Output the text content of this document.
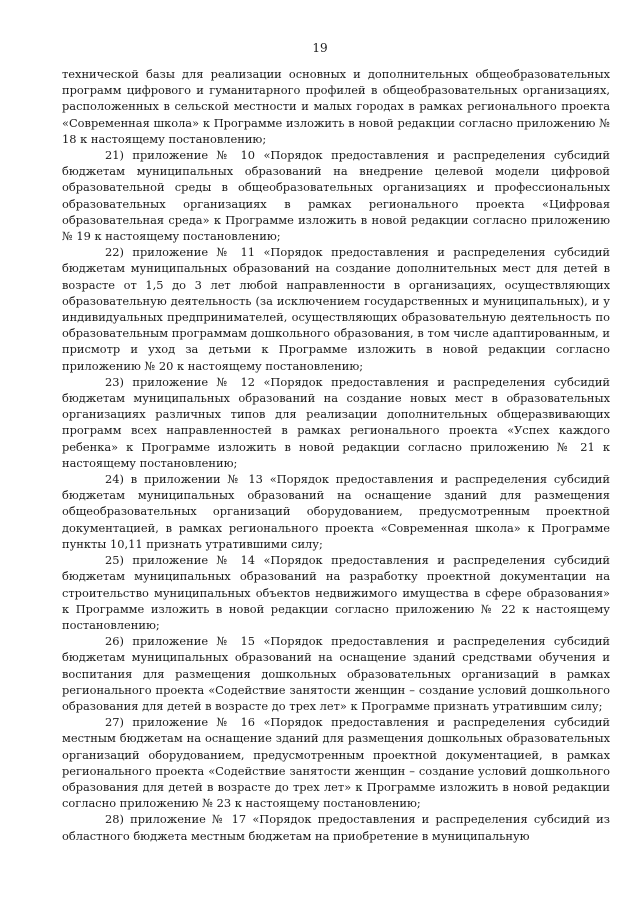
19

технической базы для реализации основных и дополнительных общеобразовательных программ цифрового и гуманитарного профилей в общеобразовательных организациях, расположенных в сельской местности и малых городах в рамках регионального проекта «Современная школа» к Программе изложить в новой редакции согласно приложению № 18 к настоящему постановлению;

21) приложение № 10 «Порядок предоставления и распределения субсидий бюджетам муниципальных образований на внедрение целевой модели цифровой образовательной среды в общеобразовательных организациях и профессиональных образовательных организациях в рамках регионального проекта «Цифровая образовательная среда» к Программе изложить в новой редакции согласно приложению № 19 к настоящему постановлению;

22) приложение № 11 «Порядок предоставления и распределения субсидий бюджетам муниципальных образований на создание дополнительных мест для детей в возрасте от 1,5 до 3 лет любой направленности в организациях, осуществляющих образовательную деятельность (за исключением государственных и муниципальных), и у индивидуальных предпринимателей, осуществляющих образовательную деятельность по образовательным программам дошкольного образования, в том числе адаптированным, и присмотр и уход за детьми к Программе изложить в новой редакции согласно приложению № 20 к настоящему постановлению;

23) приложение № 12 «Порядок предоставления и распределения субсидий бюджетам муниципальных образований на создание новых мест в образовательных организациях различных типов для реализации дополнительных общеразвивающих программ всех направленностей в рамках регионального проекта «Успех каждого ребенка» к Программе изложить в новой редакции согласно приложению № 21 к настоящему постановлению;

24) в приложении № 13 «Порядок предоставления и распределения субсидий бюджетам муниципальных образований на оснащение зданий для размещения общеобразовательных организаций оборудованием, предусмотренным проектной документацией, в рамках регионального проекта «Современная школа» к Программе пункты 10,11 признать утратившими силу;

25) приложение № 14 «Порядок предоставления и распределения субсидий бюджетам муниципальных образований на разработку проектной документации на строительство муниципальных объектов недвижимого имущества в сфере образования» к Программе изложить в новой редакции согласно приложению № 22 к настоящему постановлению;

26) приложение № 15 «Порядок предоставления и распределения субсидий бюджетам муниципальных образований на оснащение зданий средствами обучения и воспитания для размещения дошкольных образовательных организаций в рамках регионального проекта «Содействие занятости женщин – создание условий дошкольного образования для детей в возрасте до трех лет» к Программе признать утратившим силу;

27) приложение № 16 «Порядок предоставления и распределения субсидий местным бюджетам на оснащение зданий для размещения дошкольных образовательных организаций оборудованием, предусмотренным проектной документацией, в рамках регионального проекта «Содействие занятости женщин – создание условий дошкольного образования для детей в возрасте до трех лет» к Программе изложить в новой редакции согласно приложению № 23 к настоящему постановлению;

28) приложение № 17 «Порядок предоставления и распределения субсидий из областного бюджета местным бюджетам на приобретение в муниципальную
